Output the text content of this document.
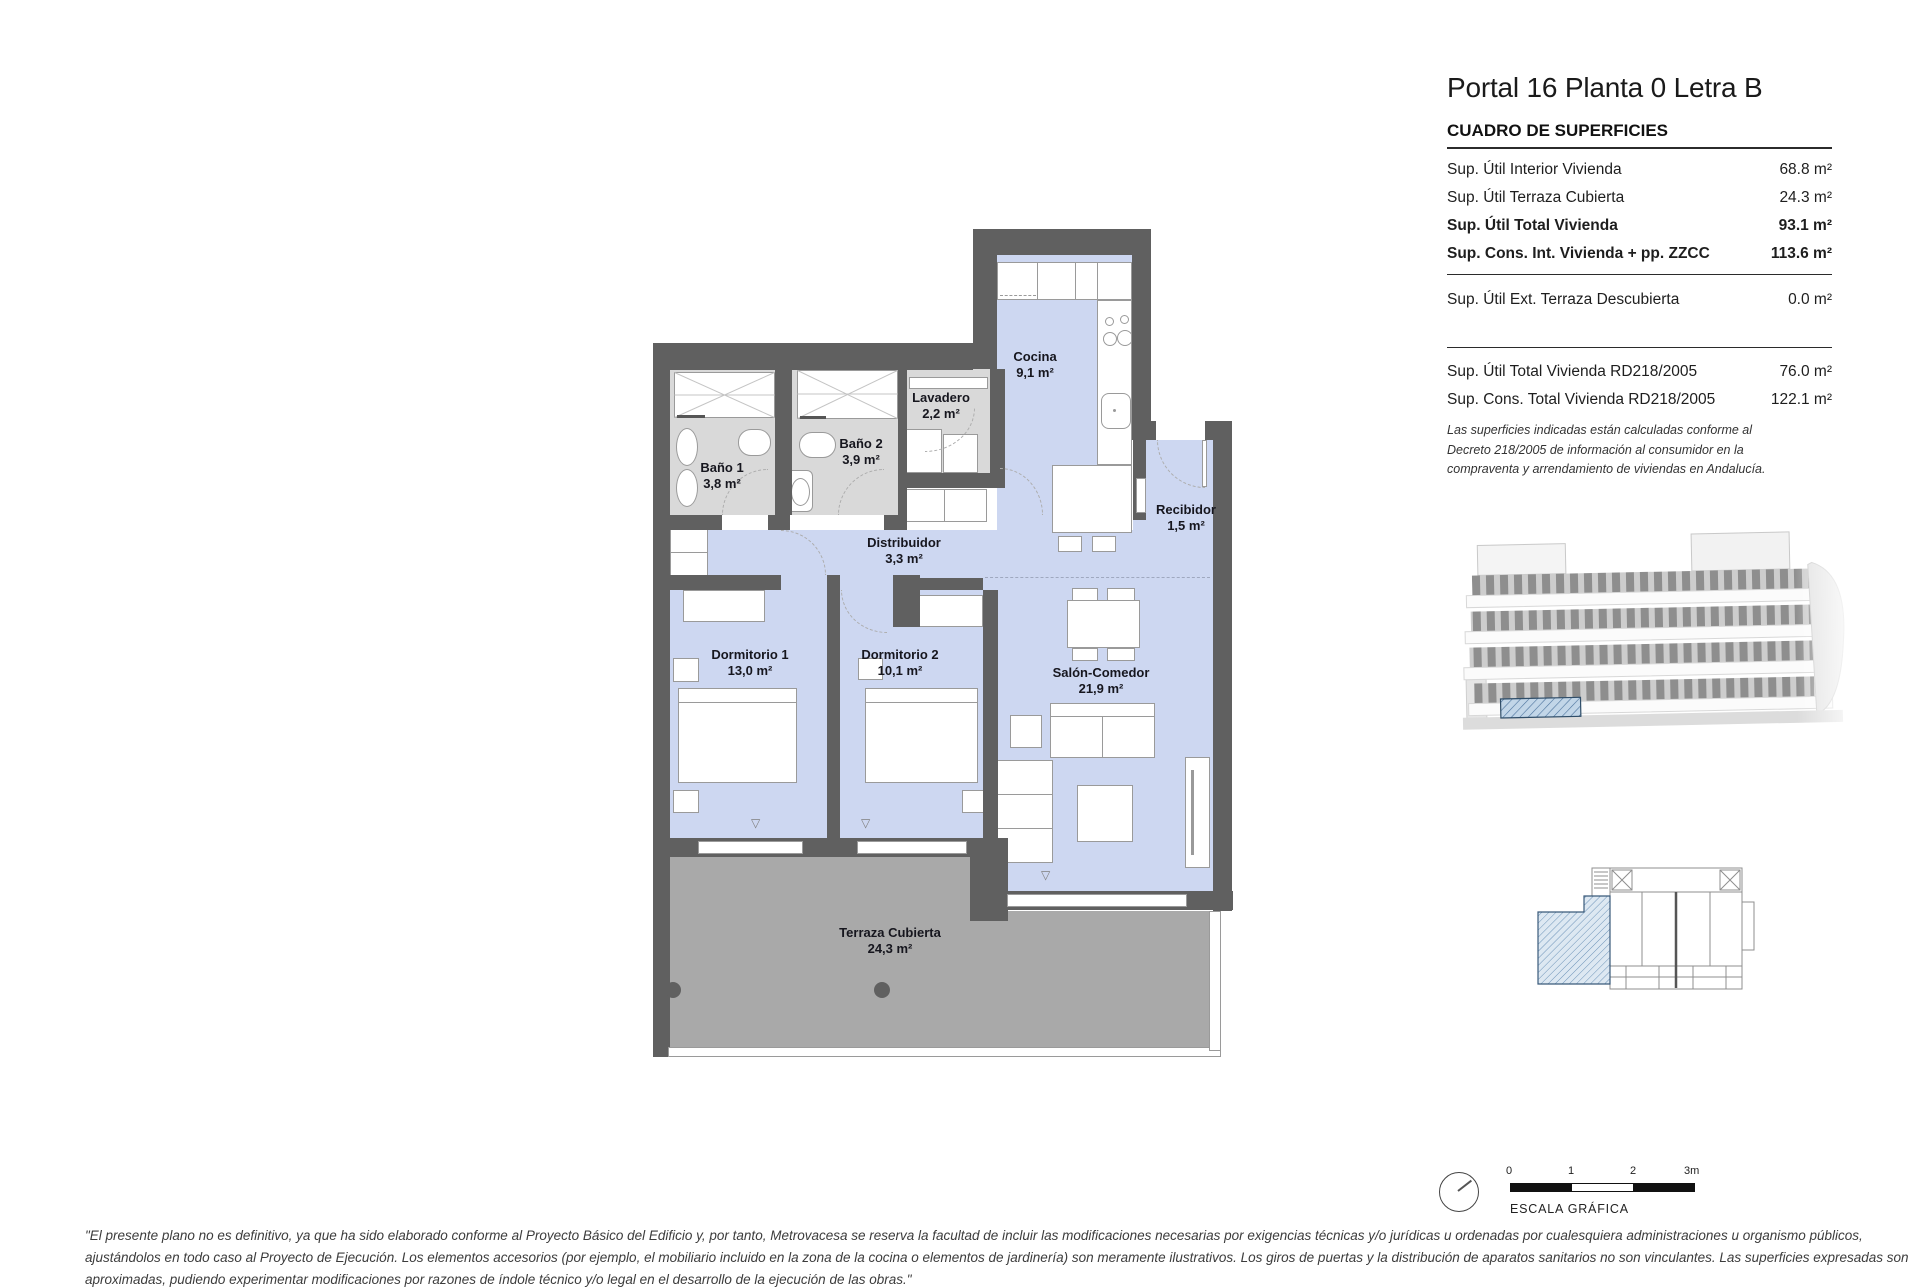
▽	▽
▽
Cocina
9,1 m²
Lavadero
2,2 m²
Baño 2
3,9 m²
Baño 1
3,8 m²
Recibidor
1,5 m²
Distribuidor
3,3 m²
Dormitorio 1
13,0 m²
Dormitorio 2
10,1 m²	Salón-Comedor
21,9 m²
Terraza Cubierta
24,3 m²
Portal 16 Planta 0 Letra B
CUADRO DE SUPERFICIES
Sup. Útil Interior Vivienda	68.8 m²
Sup. Útil Terraza Cubierta	24.3 m²
Sup. Útil Total Vivienda	93.1 m²
Sup. Cons. Int. Vivienda + pp. ZZCC	113.6 m²
Sup. Útil Ext. Terraza Descubierta	0.0 m²
Sup. Útil Total Vivienda RD218/2005	76.0 m²
Sup. Cons. Total Vivienda RD218/2005	122.1 m²
Las superficies indicadas están calculadas conforme al Decreto 218/2005 de información al consumidor en la compraventa y arrendamiento de viviendas en Andalucía.
0	1	2	3m
ESCALA GRÁFICA
"El presente plano no es definitivo, ya que ha sido elaborado conforme al Proyecto Básico del Edificio y, por tanto, Metrovacesa se reserva la facultad de incluir las modificaciones necesarias por exigencias técnicas y/o jurídicas u ordenadas por cualesquiera administraciones u organismo públicos,
ajustándolos en todo caso al Proyecto de Ejecución. Los elementos accesorios (por ejemplo, el mobiliario incluido en la zona de la cocina o elementos de jardinería) son meramente ilustrativos. Los giros de puertas y la distribución de aparatos sanitarios no son vinculantes. Las superficies expresadas son
aproximadas, pudiendo experimentar modificaciones por razones de índole técnico y/o legal en el desarrollo de la ejecución de las obras."
